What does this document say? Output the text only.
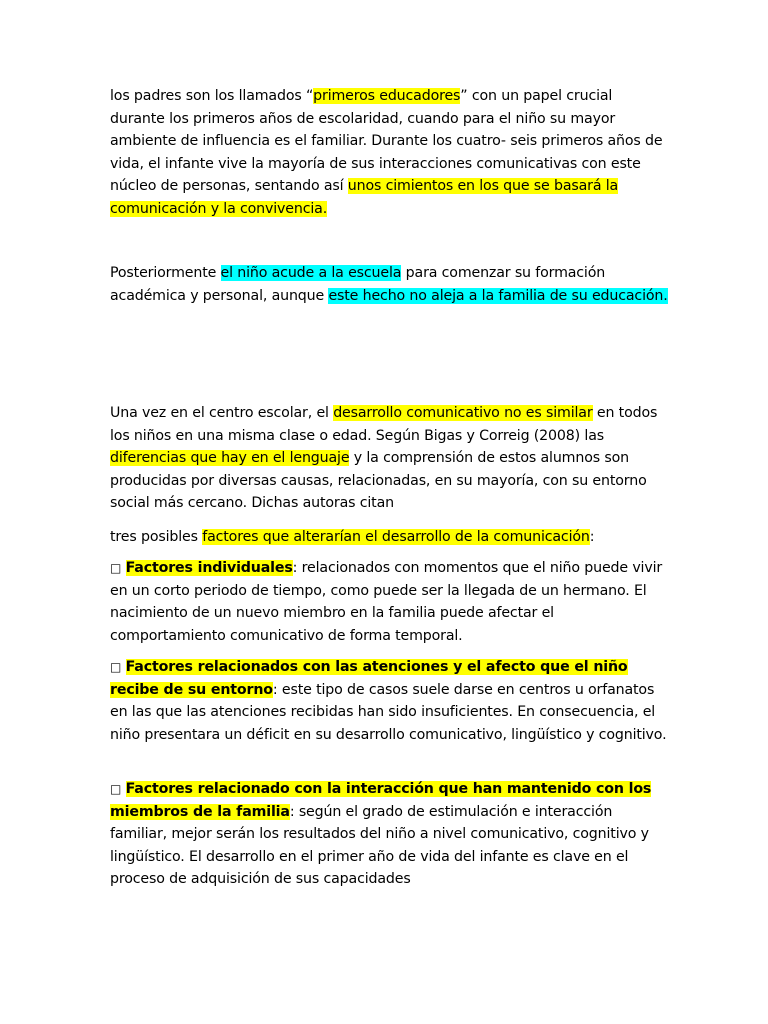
los padres son los llamados “primeros educadores” con un papel crucial durante los primeros años de escolaridad, cuando para el niño su mayor ambiente de influencia es el familiar. Durante los cuatro- seis primeros años de vida, el infante vive la mayoría de sus interacciones comunicativas con este núcleo de personas, sentando así unos cimientos en los que se basará la comunicación y la convivencia.

Posteriormente el niño acude a la escuela para comenzar su formación académica y personal, aunque este hecho no aleja a la familia de su educación.

Una vez en el centro escolar, el desarrollo comunicativo no es similar en todos los niños en una misma clase o edad. Según Bigas y Correig (2008) las diferencias que hay en el lenguaje y la comprensión de estos alumnos son producidas por diversas causas, relacionadas, en su mayoría, con su entorno social más cercano. Dichas autoras citan

tres posibles factores que alterarían el desarrollo de la comunicación:

□ Factores individuales: relacionados con momentos que el niño puede vivir en un corto periodo de tiempo, como puede ser la llegada de un hermano. El nacimiento de un nuevo miembro en la familia puede afectar el comportamiento comunicativo de forma temporal.

□ Factores relacionados con las atenciones y el afecto que el niño recibe de su entorno: este tipo de casos suele darse en centros u orfanatos en las que las atenciones recibidas han sido insuficientes. En consecuencia, el niño presentara un déficit en su desarrollo comunicativo, lingüístico y cognitivo.

□ Factores relacionado con la interacción que han mantenido con los miembros de la familia: según el grado de estimulación e interacción familiar, mejor serán los resultados del niño a nivel comunicativo, cognitivo y lingüístico. El desarrollo en el primer año de vida del infante es clave en el proceso de adquisición de sus capacidades
